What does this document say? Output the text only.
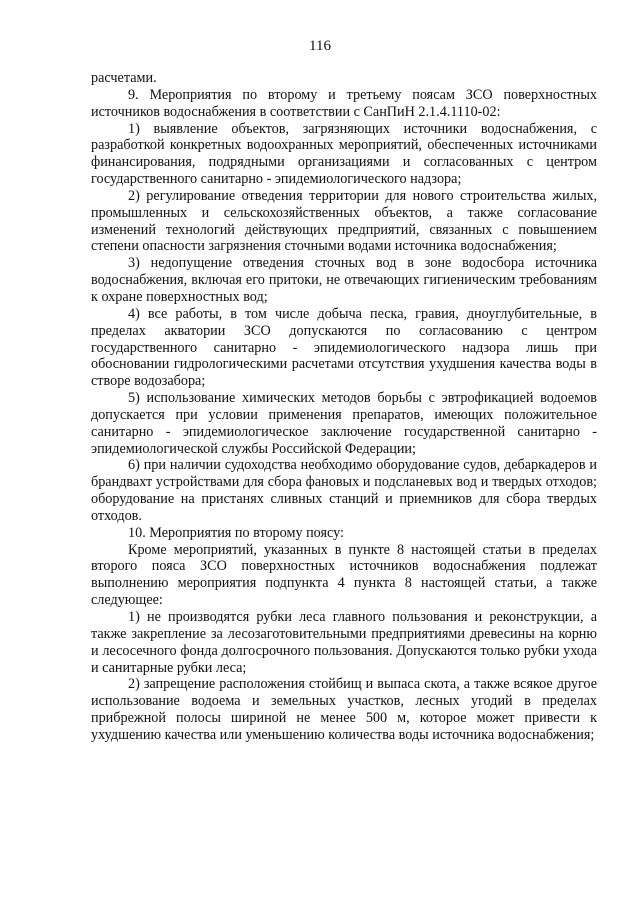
116

расчетами.

9. Мероприятия по второму и третьему поясам ЗСО поверхностных источников водоснабжения в соответствии с СанПиН 2.1.4.1110-02:

1) выявление объектов, загрязняющих источники водоснабжения, с разработкой конкретных водоохранных мероприятий, обеспеченных источниками финансирования, подрядными организациями и согласованных с центром государственного санитарно - эпидемиологического надзора;

2) регулирование отведения территории для нового строительства жилых, промышленных и сельскохозяйственных объектов, а также согласование изменений технологий действующих предприятий, связанных с повышением степени опасности загрязнения сточными водами источника водоснабжения;

3) недопущение отведения сточных вод в зоне водосбора источника водоснабжения, включая его притоки, не отвечающих гигиеническим требованиям к охране поверхностных вод;

4) все работы, в том числе добыча песка, гравия, дноуглубительные, в пределах акватории ЗСО допускаются по согласованию с центром государственного санитарно - эпидемиологического надзора лишь при обосновании гидрологическими расчетами отсутствия ухудшения качества воды в створе водозабора;

5) использование химических методов борьбы с эвтрофикацией водоемов допускается при условии применения препаратов, имеющих положительное санитарно - эпидемиологическое заключение государственной санитарно - эпидемиологической службы Российской Федерации;

6) при наличии судоходства необходимо оборудование судов, дебаркадеров и брандвахт устройствами для сбора фановых и подсланевых вод и твердых отходов; оборудование на пристанях сливных станций и приемников для сбора твердых отходов.

10. Мероприятия по второму поясу:

Кроме мероприятий, указанных в пункте 8 настоящей статьи в пределах второго пояса ЗСО поверхностных источников водоснабжения подлежат выполнению мероприятия подпункта 4 пункта 8 настоящей статьи, а также следующее:

1) не производятся рубки леса главного пользования и реконструкции, а также закрепление за лесозаготовительными предприятиями древесины на корню и лесосечного фонда долгосрочного пользования. Допускаются только рубки ухода и санитарные рубки леса;

2) запрещение расположения стойбищ и выпаса скота, а также всякое другое использование водоема и земельных участков, лесных угодий в пределах прибрежной полосы шириной не менее 500 м, которое может привести к ухудшению качества или уменьшению количества воды источника водоснабжения;
